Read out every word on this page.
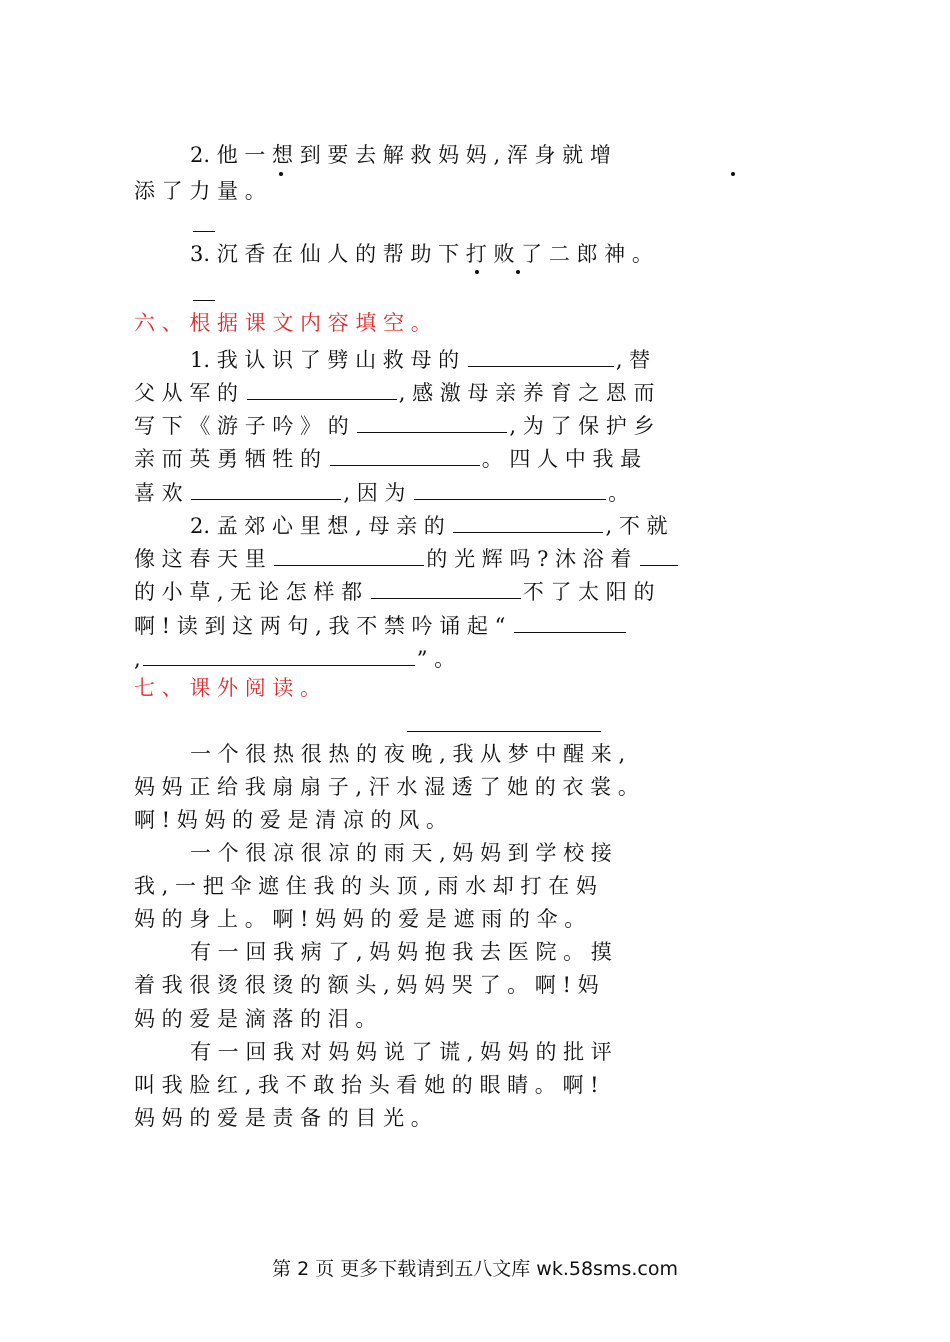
2. 他 一 想 到 要 去 解 救 妈 妈 , 浑 身 就 增
添 了 力 量 。
3. 沉 香 在 仙 人 的 帮 助 下 打 败 了 二 郎 神 。
六 、 根 据 课 文 内 容 填 空 。
1. 我 认 识 了 劈 山 救 母 的	, 替
父 从 军 的	, 感 激 母 亲 养 育 之 恩 而
写 下 《 游 子 吟 》 的	, 为 了 保 护 乡
亲 而 英 勇 牺 牲 的	。 四 人 中 我 最
喜 欢	, 因 为	。
2. 孟 郊 心 里 想 , 母 亲 的	, 不 就
像 这 春 天 里	的 光 辉 吗 ? 沐 浴 着
的 小 草 , 无 论 怎 样 都	不 了 太 阳 的
啊 ! 读 到 这 两 句 , 我 不 禁 吟 诵 起 “
,	” 。
七 、 课 外 阅 读 。
一 个 很 热 很 热 的 夜 晚 , 我 从 梦 中 醒 来 ,
妈 妈 正 给 我 扇 扇 子 , 汗 水 湿 透 了 她 的 衣 裳 。
啊 ! 妈 妈 的 爱 是 清 凉 的 风 。
一 个 很 凉 很 凉 的 雨 天 , 妈 妈 到 学 校 接
我 , 一 把 伞 遮 住 我 的 头 顶 , 雨 水 却 打 在 妈
妈 的 身 上 。 啊 ! 妈 妈 的 爱 是 遮 雨 的 伞 。
有 一 回 我 病 了 , 妈 妈 抱 我 去 医 院 。 摸
着 我 很 烫 很 烫 的 额 头 , 妈 妈 哭 了 。 啊 ! 妈
妈 的 爱 是 滴 落 的 泪 。
有 一 回 我 对 妈 妈 说 了 谎 , 妈 妈 的 批 评
叫 我 脸 红 , 我 不 敢 抬 头 看 她 的 眼 睛 。 啊 !
妈 妈 的 爱 是 责 备 的 目 光 。
第 2 页 更多下载请到五八文库 wk.58sms.com
